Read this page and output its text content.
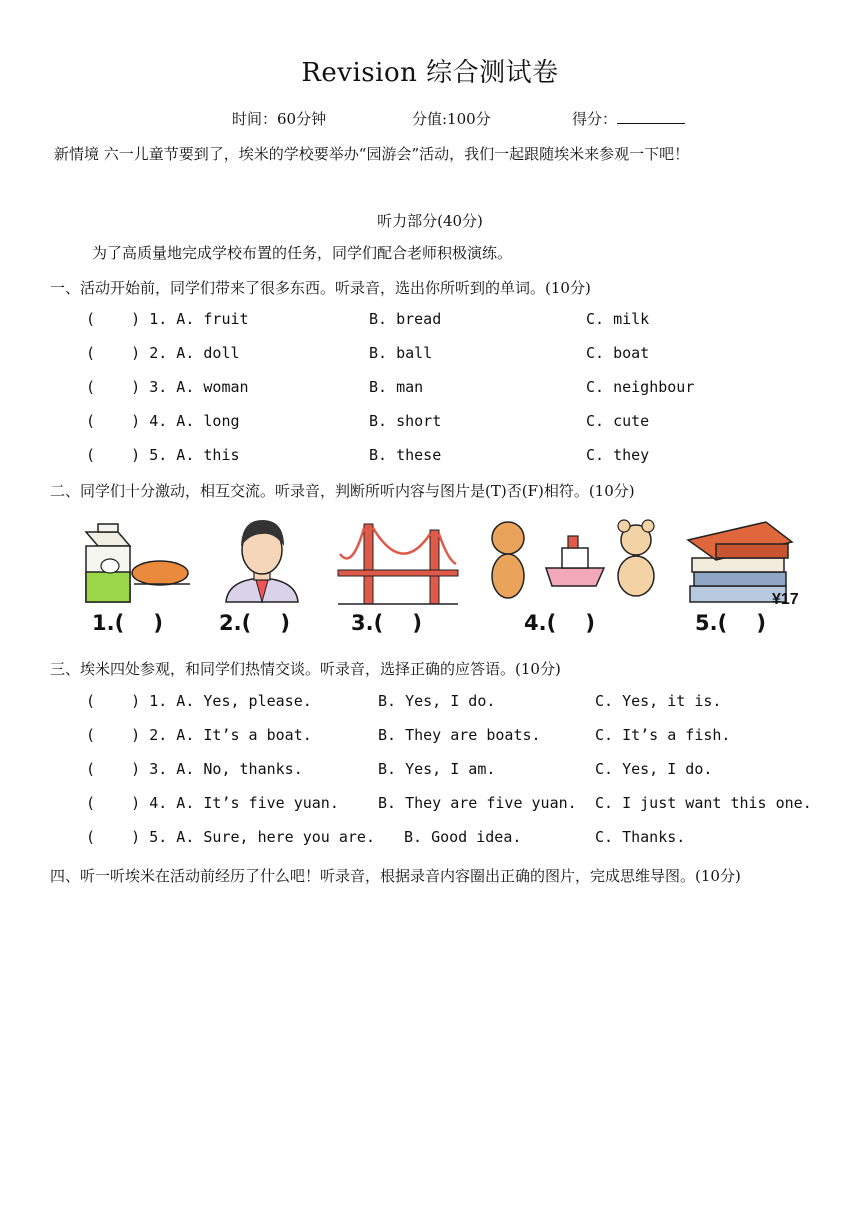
Revision 综合测试卷
时间：60分钟	分值:100分	得分：
新情境 六一儿童节要到了，埃米的学校要举办“园游会”活动，我们一起跟随埃米来参观一下吧！
听力部分(40分)
为了高质量地完成学校布置的任务，同学们配合老师积极演练。
一、活动开始前，同学们带来了很多东西。听录音，选出你所听到的单词。(10分)
(    ) 1. A. fruit	B. bread	C. milk
(    ) 2. A. doll	B. ball	C. boat
(    ) 3. A. woman	B. man	C. neighbour
(    ) 4. A. long	B. short	C. cute
(    ) 5. A. this	B. these	C. they
二、同学们十分激动，相互交流。听录音，判断所听内容与图片是(T)否(F)相符。(10分)
¥17
1.(    )	2.(    )	3.(    )	4.(    )	5.(    )
三、埃米四处参观，和同学们热情交谈。听录音，选择正确的应答语。(10分)
(    ) 1. A. Yes, please.	B. Yes, I do.	C. Yes, it is.
(    ) 2. A. It’s a boat.	B. They are boats.	C. It’s a fish.
(    ) 3. A. No, thanks.	B. Yes, I am.	C. Yes, I do.
(    ) 4. A. It’s five yuan.	B. They are five yuan. C. I just want this one.
(    ) 5. A. Sure, here you are. B. Good idea.	C. Thanks.
四、听一听埃米在活动前经历了什么吧！听录音，根据录音内容圈出正确的图片，完成思维导图。(10分)
